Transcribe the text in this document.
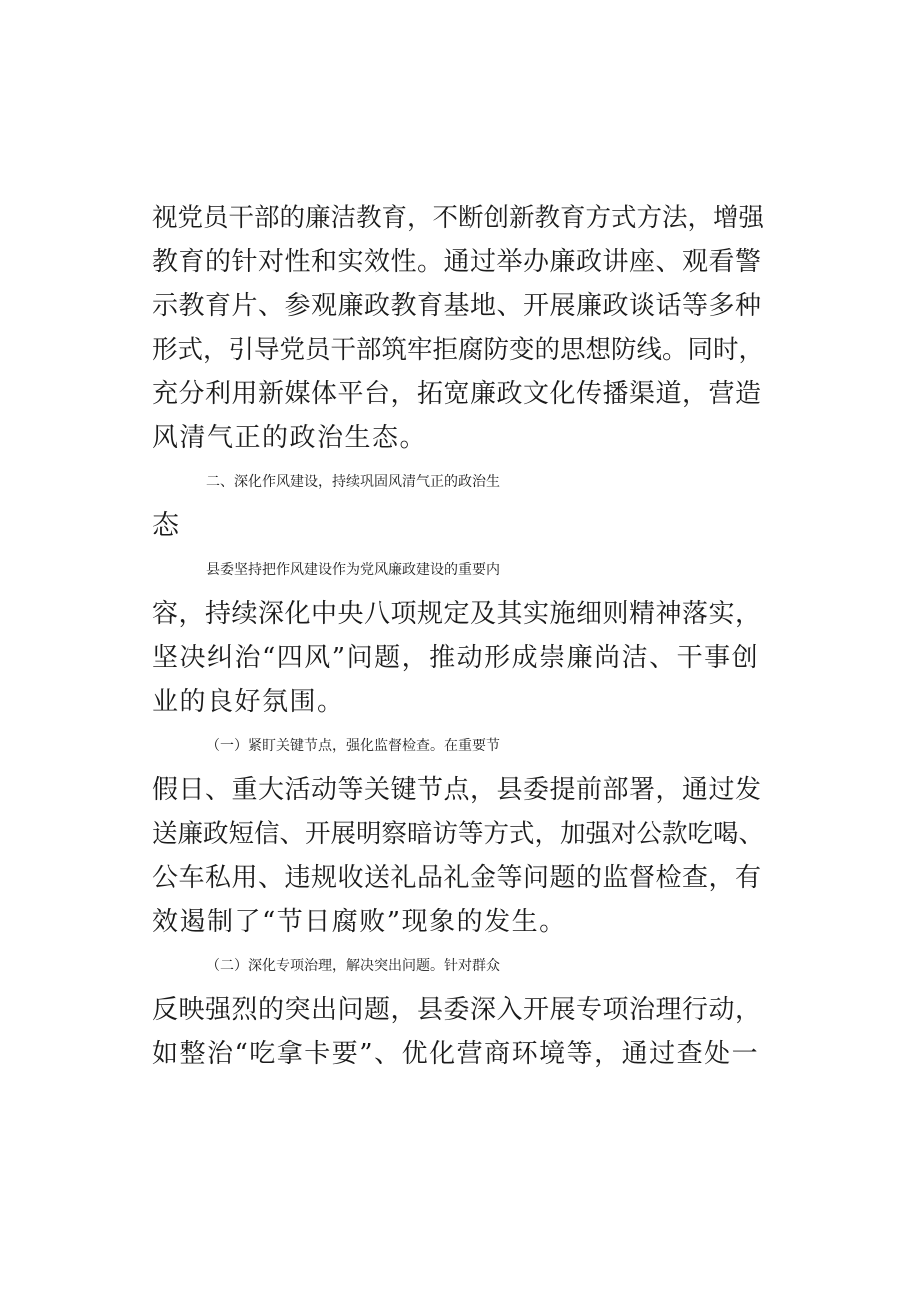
视党员干部的廉洁教育，不断创新教育方式方法，增强
教育的针对性和实效性。通过举办廉政讲座、观看警
示教育片、参观廉政教育基地、开展廉政谈话等多种
形式，引导党员干部筑牢拒腐防变的思想防线。同时，
充分利用新媒体平台，拓宽廉政文化传播渠道，营造
风清气正的政治生态。
二、深化作风建设，持续巩固风清气正的政治生
态
县委坚持把作风建设作为党风廉政建设的重要内
容，持续深化中央八项规定及其实施细则精神落实，
坚决纠治“四风”问题，推动形成崇廉尚洁、干事创
业的良好氛围。
（一）紧盯关键节点，强化监督检查。在重要节
假日、重大活动等关键节点，县委提前部署，通过发
送廉政短信、开展明察暗访等方式，加强对公款吃喝、
公车私用、违规收送礼品礼金等问题的监督检查，有
效遏制了“节日腐败”现象的发生。
（二）深化专项治理，解决突出问题。针对群众
反映强烈的突出问题，县委深入开展专项治理行动，
如整治“吃拿卡要”、优化营商环境等，通过查处一
